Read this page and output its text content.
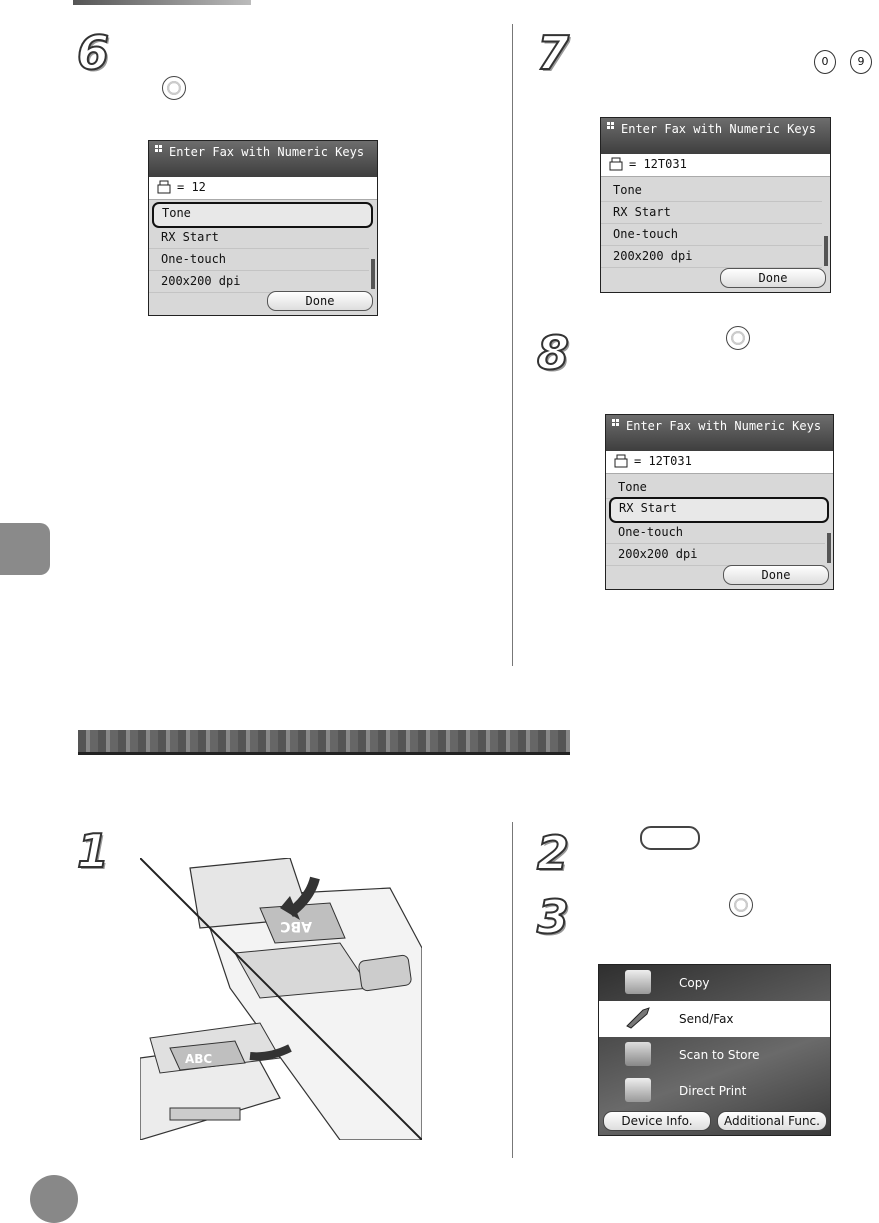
6
Enter Fax with Numeric Keys
= 12
Tone
RX Start
One-touch
200x200 dpi
Done
7	0	9
Enter Fax with Numeric Keys
= 12T031
Tone
RX Start
One-touch
200x200 dpi
Done
8
Enter Fax with Numeric Keys
= 12T031
Tone
RX Start
One-touch
200x200 dpi
Done
1
ABC
ABC
2
3
Copy
Send/Fax
Scan to Store
Direct Print
Device Info.	Additional Func.
